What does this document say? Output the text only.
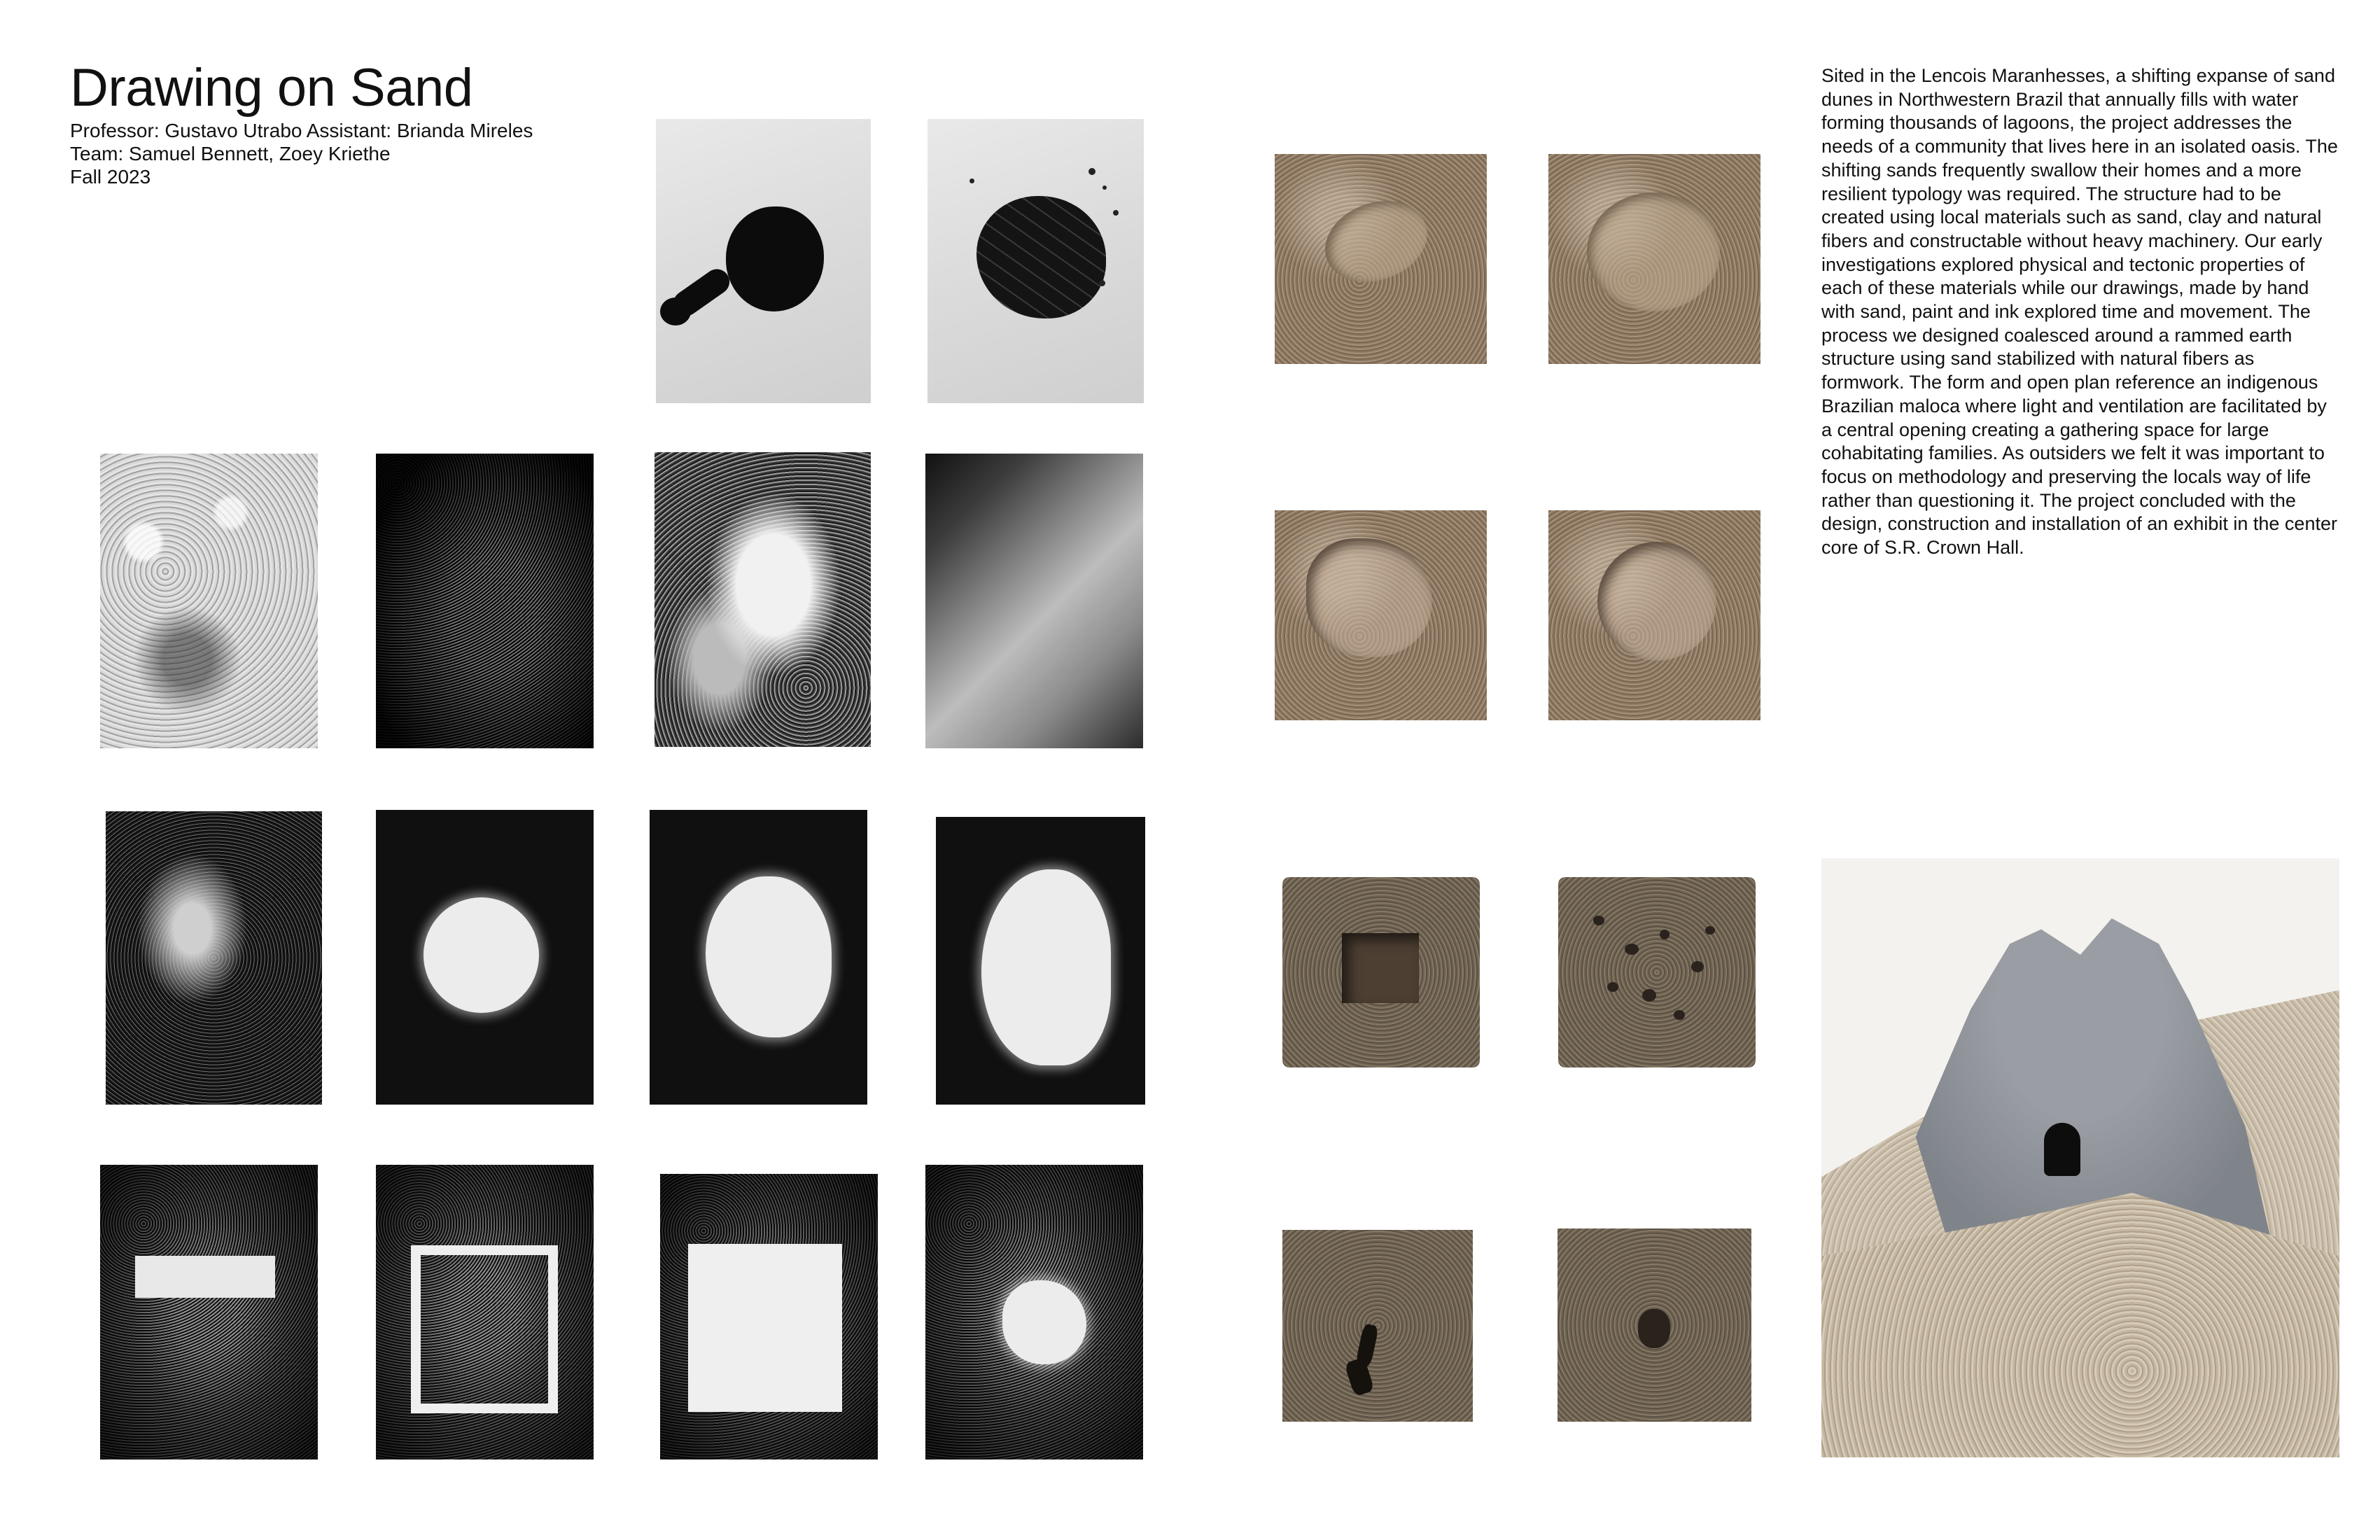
Drawing on Sand
Professor: Gustavo Utrabo Assistant: Brianda Mireles
Team: Samuel Bennett, Zoey Kriethe
Fall 2023
Sited in the Lencois Maranhesses, a shifting expanse of sand dunes in Northwestern Brazil that annually fills with water forming thousands of lagoons, the project addresses the needs of a community that lives here in an isolated oasis. The shifting sands frequently swallow their homes and a more resilient typology was required. The structure had to be created using local materials such as sand, clay and natural fibers and constructable without heavy machinery. Our early investigations explored physical and tectonic properties of each of these materials while our drawings, made by hand with sand, paint and ink explored time and movement. The process we designed coalesced around a rammed earth structure using sand stabilized with natural fibers as formwork. The form and open plan reference an indigenous Brazilian maloca where light and ventilation are facilitated by a central opening creating a gathering space for large cohabitating families. As outsiders we felt it was important to focus on methodology and preserving the locals way of life rather than questioning it. The project concluded with the design, construction and installation of an exhibit in the center core of S.R. Crown Hall.
